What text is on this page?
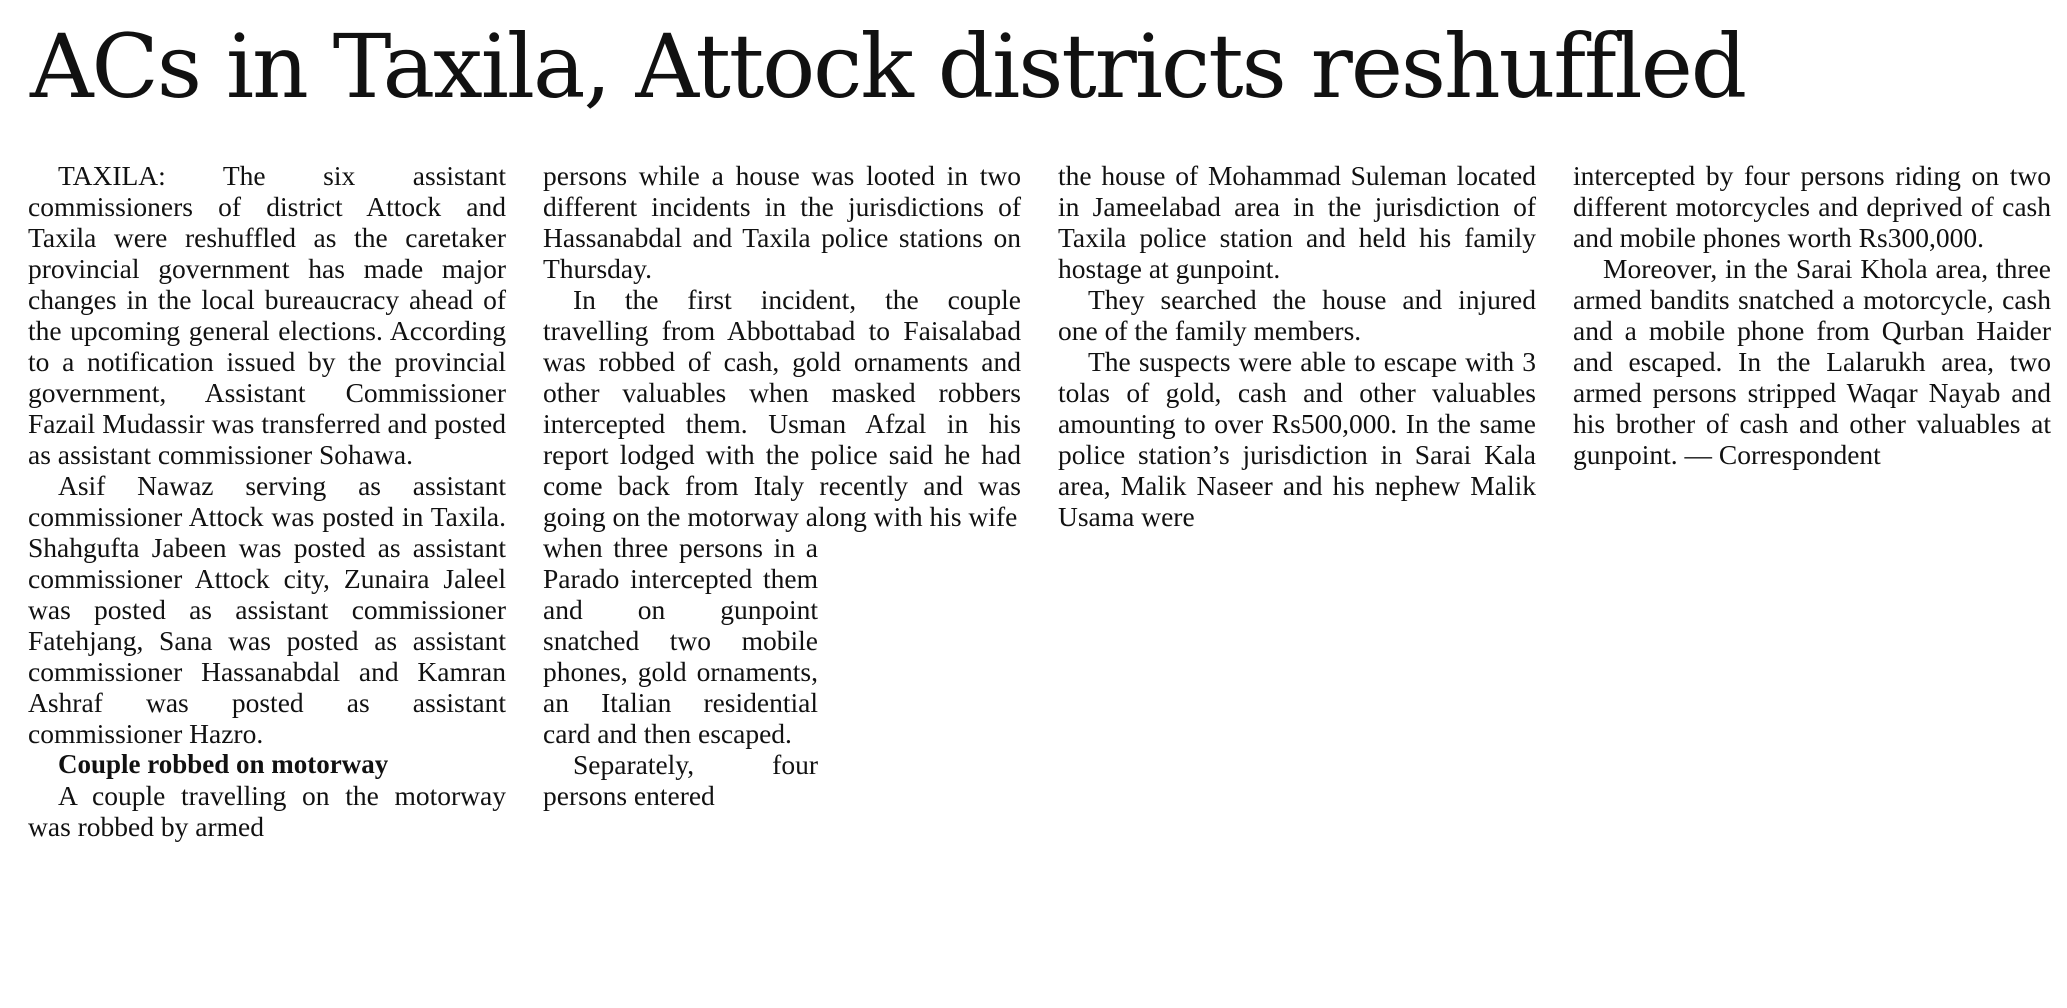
ACs in Taxila, Attock districts reshuffled

TAXILA: The six assistant commissioners of district Attock and Taxila were reshuffled as the caretaker provincial government has made major changes in the local bureaucracy ahead of the upcoming general elections. According to a notification issued by the provincial government, Assistant Commissioner Fazail Mudassir was transferred and posted as assistant commissioner Sohawa.

Asif Nawaz serving as assistant commissioner Attock was posted in Taxila. Shahgufta Jabeen was posted as assistant commissioner Attock city, Zunaira Jaleel was posted as assistant commissioner Fatehjang, Sana was posted as assistant commissioner Hassanabdal and Kamran Ashraf was posted as assistant commissioner Hazro.

Couple robbed on motorway

A couple travelling on the motorway was robbed by armed

persons while a house was looted in two different incidents in the jurisdictions of Hassanabdal and Taxila police stations on Thursday.

In the first incident, the couple travelling from Abbottabad to Faisalabad was robbed of cash, gold ornaments and other valuables when masked robbers intercepted them. Usman Afzal in his report lodged with the police said he had come back from Italy recently and was going on the motorway along with his wife

when three persons in a Parado intercepted them and on gunpoint snatched two mobile phones, gold ornaments, an Italian residential card and then escaped.

Separately, four persons entered

the house of Mohammad Suleman located in Jameelabad area in the jurisdiction of Taxila police station and held his family hostage at gunpoint.

They searched the house and injured one of the family members.

The suspects were able to escape with 3 tolas of gold, cash and other valuables amounting to over Rs500,000. In the same police station’s jurisdiction in Sarai Kala area, Malik Naseer and his nephew Malik Usama were

intercepted by four persons riding on two different motorcycles and deprived of cash and mobile phones worth Rs300,000.

Moreover, in the Sarai Khola area, three armed bandits snatched a motorcycle, cash and a mobile phone from Qurban Haider and escaped. In the Lalarukh area, two armed persons stripped Waqar Nayab and his brother of cash and other valuables at gunpoint. — Correspondent
